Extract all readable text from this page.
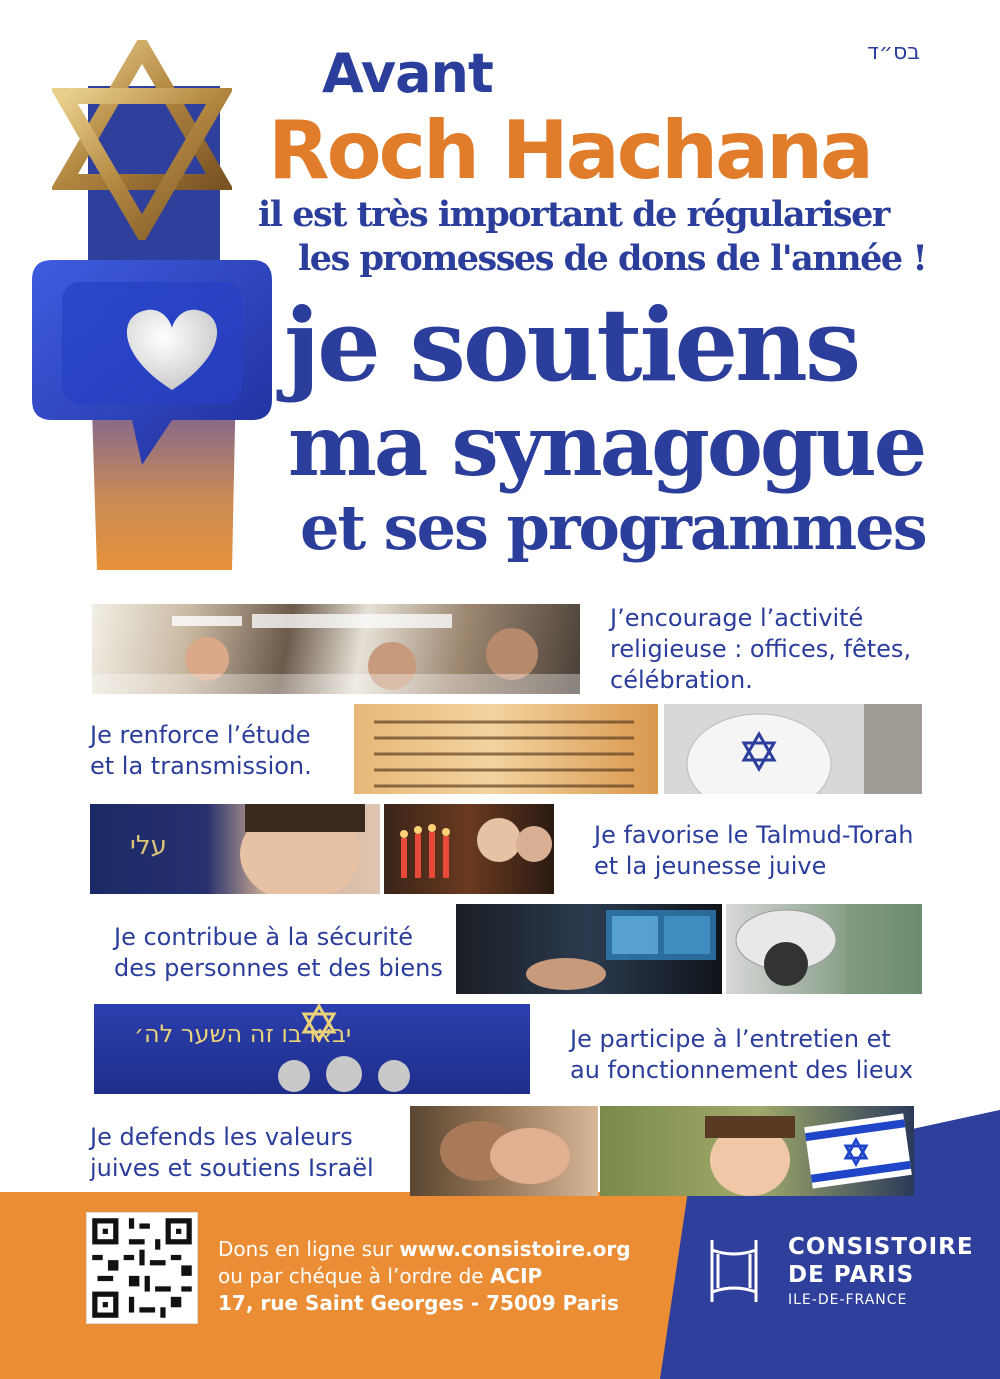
בס״ד
Avant
Roch Hachana
il est très important de régulariser
les promesses de dons de l'année !
je soutiens
ma synagogue
et ses programmes
J’encourage l’activité
religieuse : offices, fêtes,
célébration.
Je renforce l’étude
et la transmission.
עלי	Je favorise le Talmud-Torah
et la jeunesse juive
Je contribue à la sécurité
des personnes et des biens
יבאו בו זה השער לה׳	Je participe à l’entretien et
au fonctionnement des lieux
Je defends les valeurs
juives et soutiens Israël
Dons en ligne sur www.consistoire.org
ou par chéque à l’ordre de ACIP
17, rue Saint Georges - 75009 Paris
CONSISTOIRE
DE PARIS
ILE-DE-FRANCE
